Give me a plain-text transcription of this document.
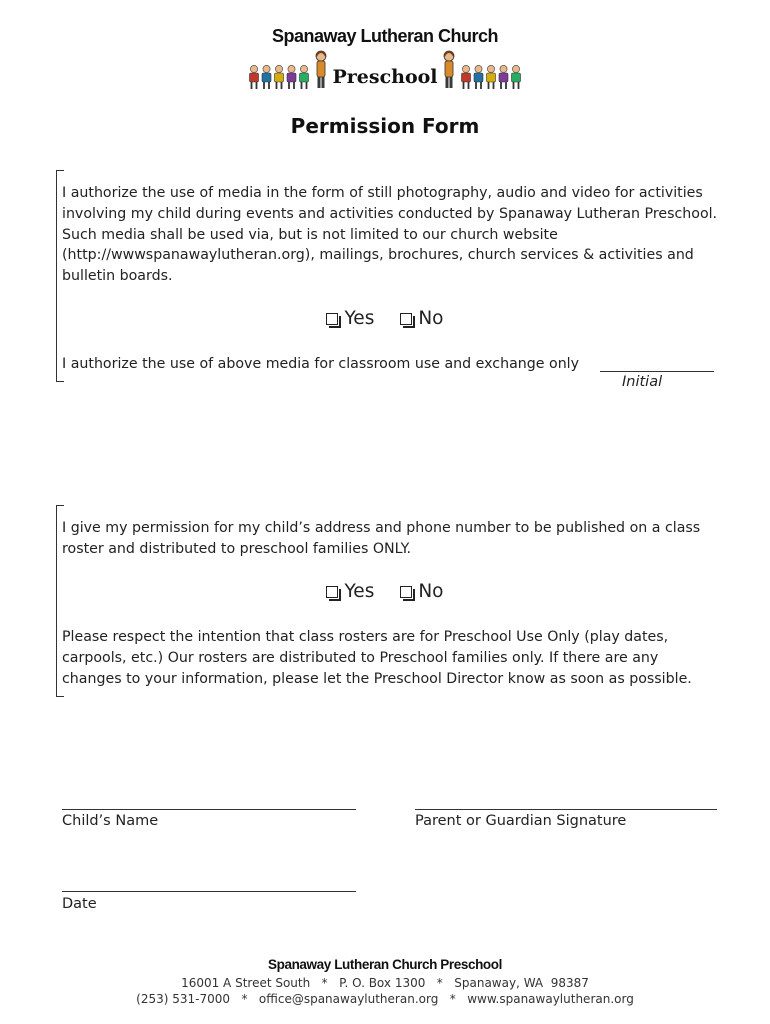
Spanaway Lutheran Church
Preschool
Permission Form
I authorize the use of media in the form of still photography, audio and video for activities involving my child during events and activities conducted by Spanaway Lutheran Preschool. Such media shall be used via, but is not limited to our church website (http://wwwspanawaylutheran.org), mailings, brochures, church services & activities and bulletin boards.
Yes No
I authorize the use of above media for classroom use and exchange only
Initial
I give my permission for my child’s address and phone number to be published on a class roster and distributed to preschool families ONLY.
Yes No
Please respect the intention that class rosters are for Preschool Use Only (play dates, carpools, etc.) Our rosters are distributed to Preschool families only. If there are any changes to your information, please let the Preschool Director know as soon as possible.
Child’s Name	Parent or Guardian Signature
Date
Spanaway Lutheran Church Preschool
16001 A Street South   *   P. O. Box 1300   *   Spanaway, WA  98387
(253) 531-7000   *   office@spanawaylutheran.org   *   www.spanawaylutheran.org
